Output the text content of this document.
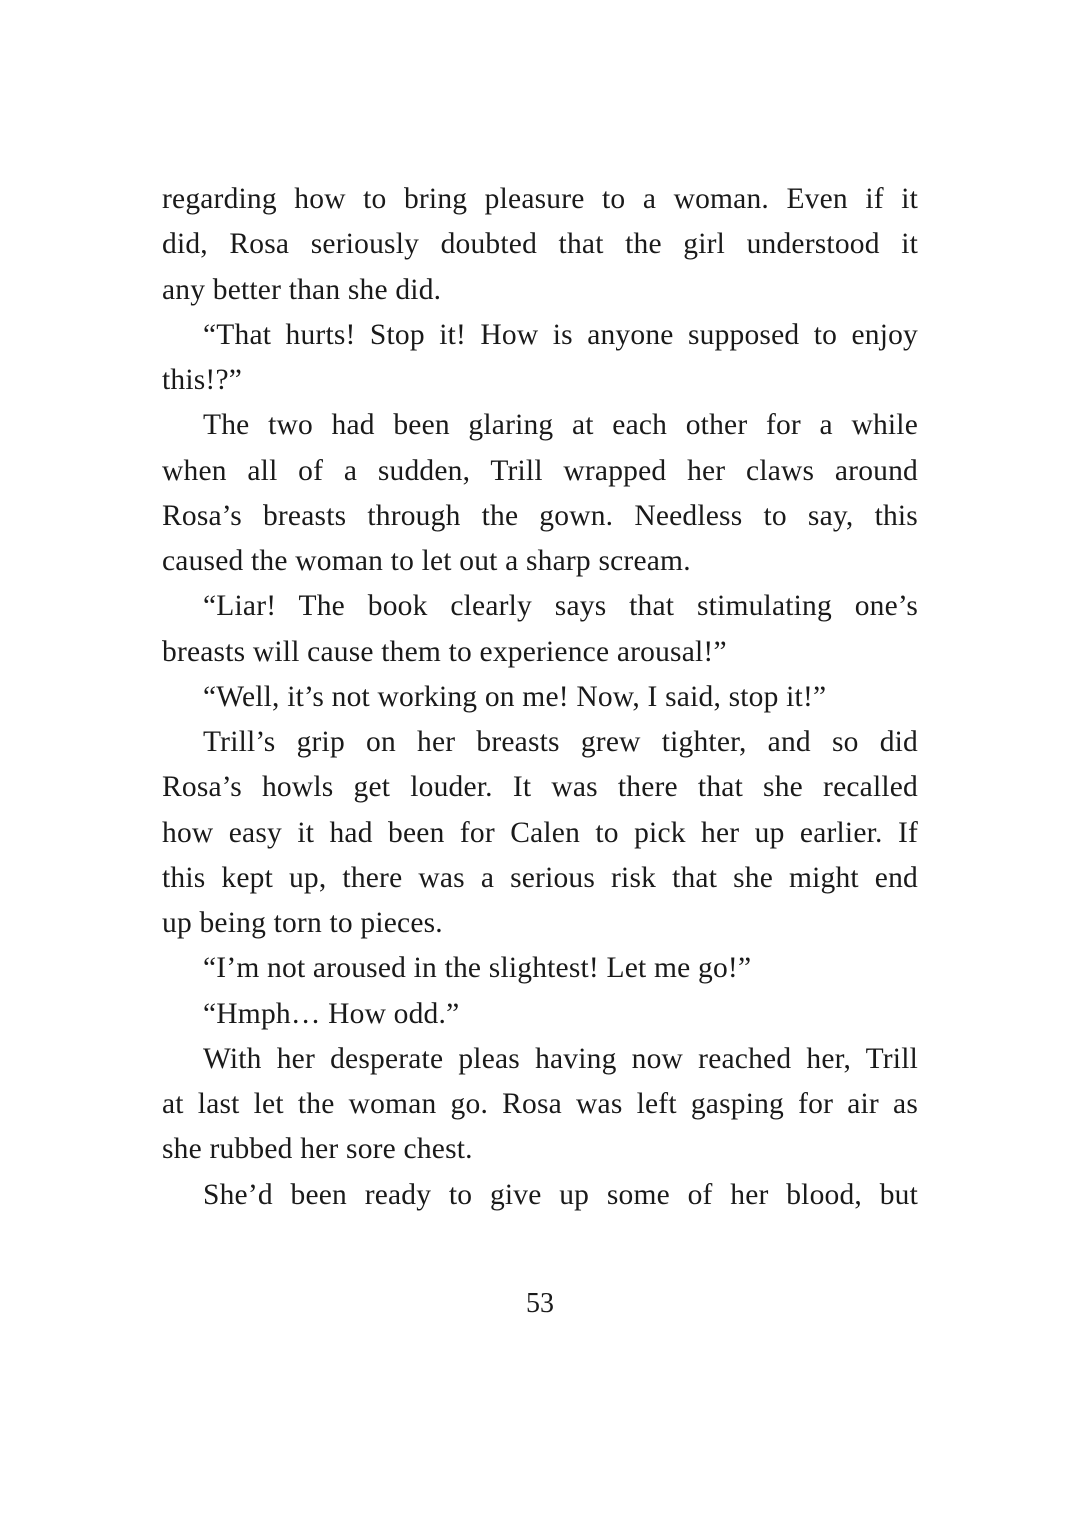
regarding how to bring pleasure to a woman. Even if it
did, Rosa seriously doubted that the girl understood it
any better than she did.
“That hurts! Stop it! How is anyone supposed to enjoy
this!?”
The two had been glaring at each other for a while
when all of a sudden, Trill wrapped her claws around
Rosa’s breasts through the gown. Needless to say, this
caused the woman to let out a sharp scream.
“Liar! The book clearly says that stimulating one’s
breasts will cause them to experience arousal!”
“Well, it’s not working on me! Now, I said, stop it!”
Trill’s grip on her breasts grew tighter, and so did
Rosa’s howls get louder. It was there that she recalled
how easy it had been for Calen to pick her up earlier. If
this kept up, there was a serious risk that she might end
up being torn to pieces.
“I’m not aroused in the slightest! Let me go!”
“Hmph… How odd.”
With her desperate pleas having now reached her, Trill
at last let the woman go. Rosa was left gasping for air as
she rubbed her sore chest.
She’d been ready to give up some of her blood, but
53
